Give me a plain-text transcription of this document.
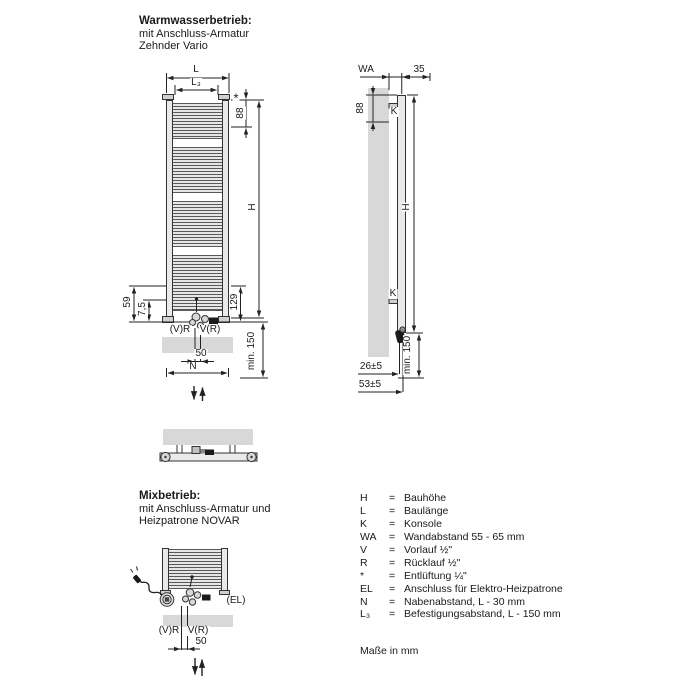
Warmwasserbetrieb:
mit Anschluss-Armatur
Zehnder Vario
Mixbetrieb:
mit Anschluss-Armatur und
Heizpatrone NOVAR
L
L₃
*
88
H
59
7,5	129
(V)R V(R)
50
N	min. 150
WA	35
88 K
K
H
min. 150
26±5
53±5
(EL)
(V)R V(R)
50
H	= Bauhöhe
L	= Baulänge
K	= Konsole
WA	= Wandabstand 55 - 65 mm
V	= Vorlauf ½"
R	= Rücklauf ½"
*	= Entlüftung ¼"
EL	= Anschluss für Elektro-Heizpatrone
N	= Nabenabstand, L - 30 mm
L₃	= Befestigungsabstand, L - 150 mm
Maße in mm
